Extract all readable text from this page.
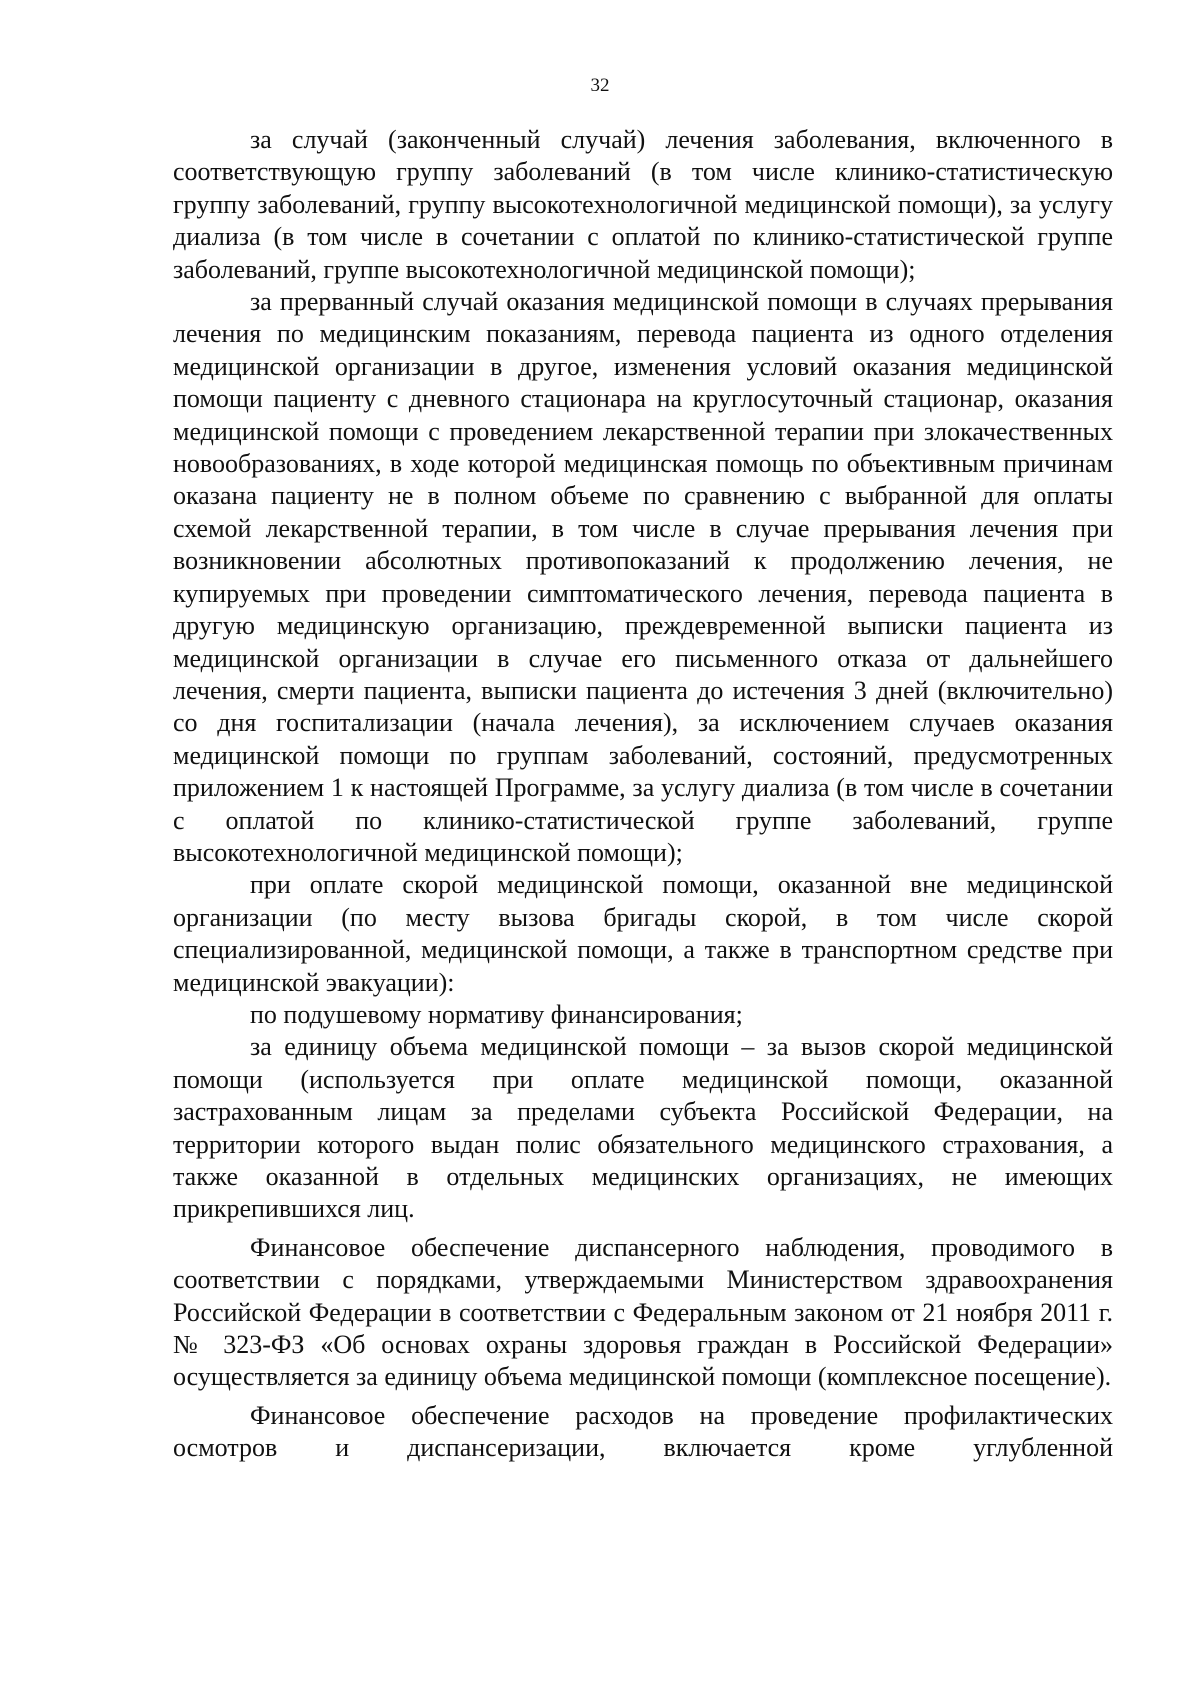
32

за случай (законченный случай) лечения заболевания, включенного в соответствующую группу заболеваний (в том числе клинико-статистическую группу заболеваний, группу высокотехнологичной медицинской помощи), за услугу диализа (в том числе в сочетании с оплатой по клинико-статистической группе заболеваний, группе высокотехнологичной медицинской помощи);

за прерванный случай оказания медицинской помощи в случаях прерывания лечения по медицинским показаниям, перевода пациента из одного отделения медицинской организации в другое, изменения условий оказания медицинской помощи пациенту с дневного стационара на круглосуточный стационар, оказания медицинской помощи с проведением лекарственной терапии при злокачественных новообразованиях, в ходе которой медицинская помощь по объективным причинам оказана пациенту не в полном объеме по сравнению с выбранной для оплаты схемой лекарственной терапии, в том числе в случае прерывания лечения при возникновении абсолютных противопоказаний к продолжению лечения, не купируемых при проведении симптоматического лечения, перевода пациента в другую медицинскую организацию, преждевременной выписки пациента из медицинской организации в случае его письменного отказа от дальнейшего лечения, смерти пациента, выписки пациента до истечения 3 дней (включительно) со дня госпитализации (начала лечения), за исключением случаев оказания медицинской помощи по группам заболеваний, состояний, предусмотренных приложением 1 к настоящей Программе, за услугу диализа (в том числе в сочетании с оплатой по клинико-статистической группе заболеваний, группе высокотехнологичной медицинской помощи);

при оплате скорой медицинской помощи, оказанной вне медицинской организации (по месту вызова бригады скорой, в том числе скорой специализированной, медицинской помощи, а также в транспортном средстве при медицинской эвакуации):

по подушевому нормативу финансирования;

за единицу объема медицинской помощи – за вызов скорой медицинской помощи (используется при оплате медицинской помощи, оказанной застрахованным лицам за пределами субъекта Российской Федерации, на территории которого выдан полис обязательного медицинского страхования, а также оказанной в отдельных медицинских организациях, не имеющих прикрепившихся лиц.

Финансовое обеспечение диспансерного наблюдения, проводимого в соответствии с порядками, утверждаемыми Министерством здравоохранения Российской Федерации в соответствии с Федеральным законом от 21 ноября 2011 г. № 323-ФЗ «Об основах охраны здоровья граждан в Российской Федерации» осуществляется за единицу объема медицинской помощи (комплексное посещение).

Финансовое обеспечение расходов на проведение профилактических осмотров и диспансеризации, включается кроме углубленной
